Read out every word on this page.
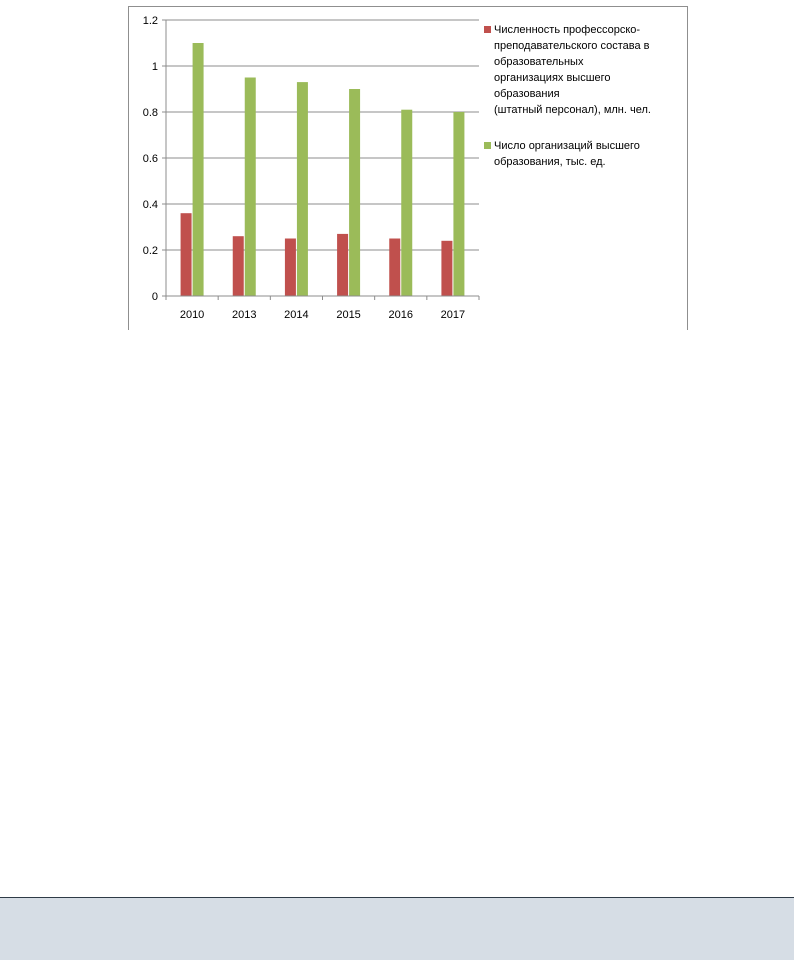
0
0.2
0.4
0.6
0.8
1
1.2
2010	2013	2014	2015	2016	2017
Численность профессорско-
преподавательского состава в
образовательных
организациях высшего
образования
(штатный персонал), млн. чел.
Число организаций высшего
образования, тыс. ед.
